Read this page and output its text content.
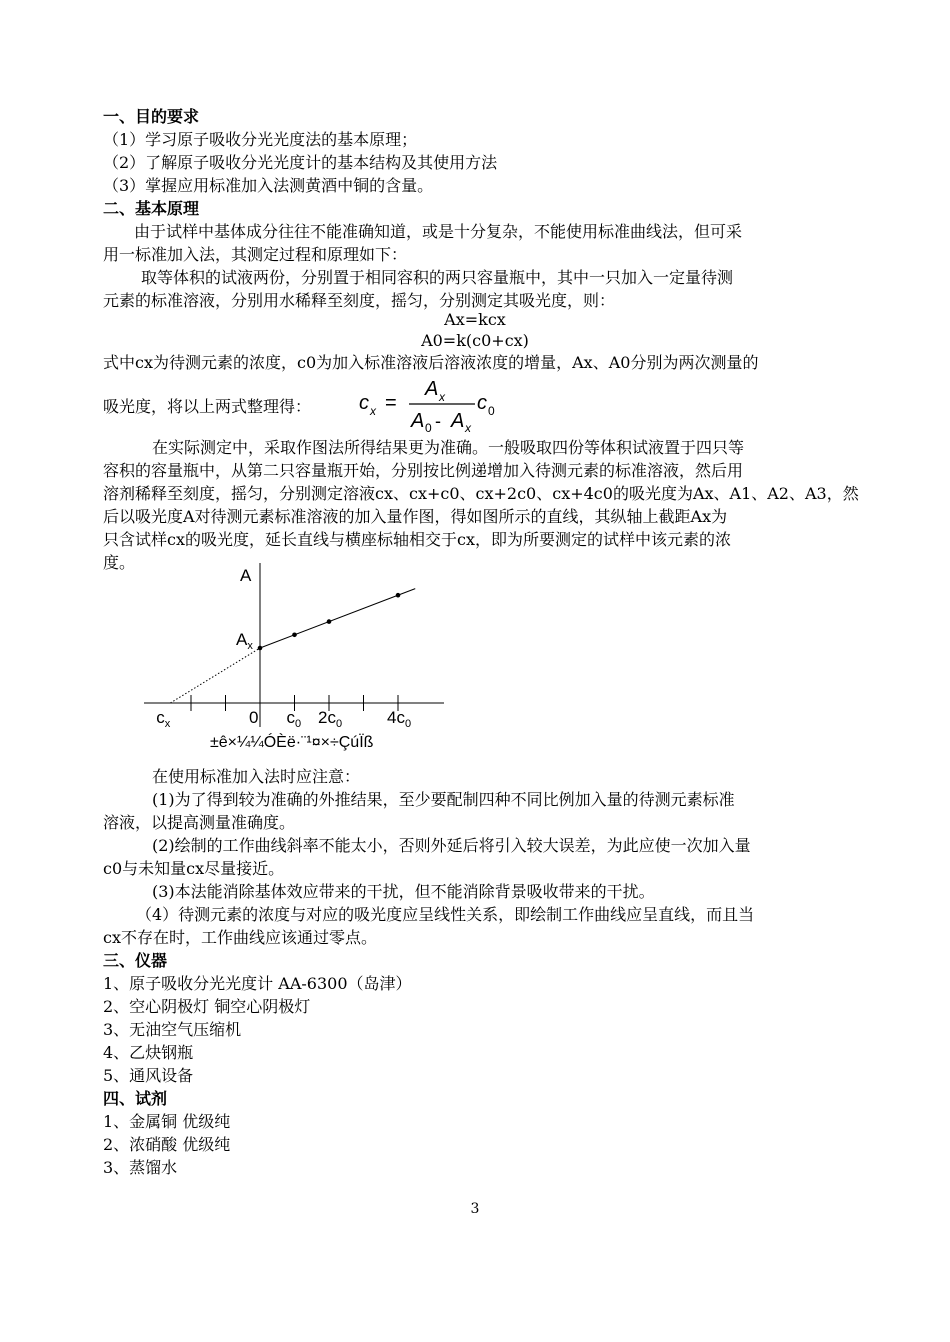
一、目的要求
（1）学习原子吸收分光光度法的基本原理；
（2）了解原子吸收分光光度计的基本结构及其使用方法
（3）掌握应用标准加入法测黄酒中铜的含量。
二、基本原理
由于试样中基体成分往往不能准确知道，或是十分复杂，不能使用标准曲线法，但可采
用一标准加入法，其测定过程和原理如下：
取等体积的试液两份，分别置于相同容积的两只容量瓶中，其中一只加入一定量待测
元素的标准溶液，分别用水稀释至刻度，摇匀，分别测定其吸光度，则：
Ax=kcx
A0=k(c0+cx)
式中cx为待测元素的浓度，c0为加入标准溶液后溶液浓度的增量，Ax、A0分别为两次测量的
吸光度，将以上两式整理得：	c x =
A x
A 0 - A x
c 0
在实际测定中，采取作图法所得结果更为准确。一般吸取四份等体积试液置于四只等
容积的容量瓶中，从第二只容量瓶开始，分别按比例递增加入待测元素的标准溶液，然后用
溶剂稀释至刻度，摇匀，分别测定溶液cx、cx+c0、cx+2c0、cx+4c0的吸光度为Ax、A1、A2、A3，然
后以吸光度A对待测元素标准溶液的加入量作图，得如图所示的直线，其纵轴上截距Ax为
只含试样cx的吸光度，延长直线与横座标轴相交于cx，即为所要测定的试样中该元素的浓
度。
A
$A_x$
$c_x$	0 $c_0$ $2c_0$	$4c_0$
±ê×¼¼ÓÈë·¨¹¤×÷ÇúÏß
在使用标准加入法时应注意：
(1)为了得到较为准确的外推结果，至少要配制四种不同比例加入量的待测元素标准
溶液，以提高测量准确度。
(2)绘制的工作曲线斜率不能太小，否则外延后将引入较大误差，为此应使一次加入量
c0与未知量cx尽量接近。
(3)本法能消除基体效应带来的干扰，但不能消除背景吸收带来的干扰。
（4）待测元素的浓度与对应的吸光度应呈线性关系，即绘制工作曲线应呈直线，而且当
cx不存在时，工作曲线应该通过零点。
三、仪器
1、原子吸收分光光度计 AA-6300（岛津）
2、空心阴极灯 铜空心阴极灯
3、无油空气压缩机
4、乙炔钢瓶
5、通风设备
四、试剂
1、金属铜 优级纯
2、浓硝酸 优级纯
3、蒸馏水
3
